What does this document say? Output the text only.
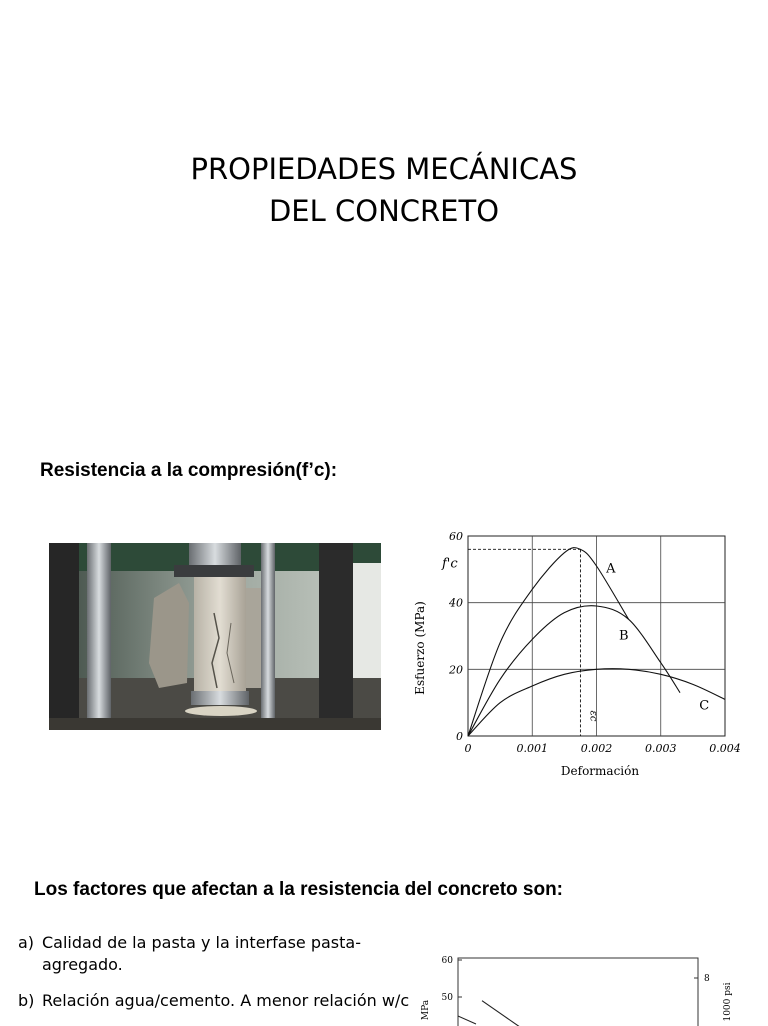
PROPIEDADES MECÁNICAS
DEL CONCRETO
Resistencia a la compresión(f’c):
A
B
C
0	0.001	0.002	0.003	0.004
0
20
40
60
f'c
εc
Deformación
Esfuerzo (MPa)
Los factores que afectan a la resistencia del concreto son:
a) Calidad de la pasta y la interfase pasta-agregado.
b) Relación agua/cemento. A menor relación w/c
60
50
8
MPa	1000 psi
